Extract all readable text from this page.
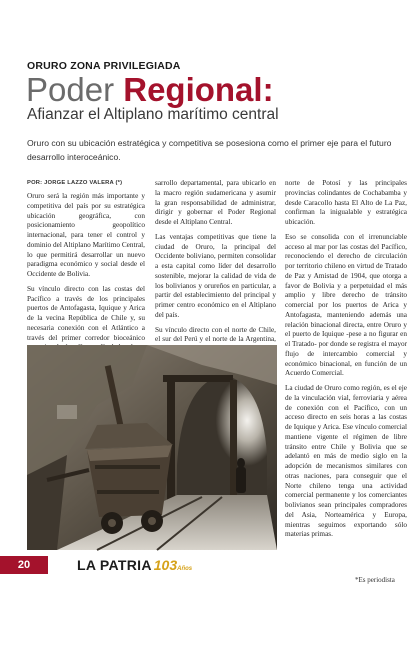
ORURO ZONA PRIVILEGIADA
Poder Regional:
Afianzar el Altiplano marítimo central
Oruro con su ubicación estratégica y competitiva se posesiona como el primer eje para el futuro desarrollo interoceánico.
POR: JORGE LAZZO VALERA (*)

Oruro será la región más importante y competitiva del país por su estratégica ubicación geográfica, con posicionamiento geopolítico internacional, para tener el control y dominio del Altiplano Marítimo Central, lo que permitirá desarrollar un nuevo paradigma económico y social desde el Occidente de Bolivia.

Su vínculo directo con las costas del Pacífico a través de los principales puertos de Antofagasta, Iquique y Arica de la vecina República de Chile y, su necesaria conexión con el Atlántico a través del primer corredor bioceánico

sarrollo departamental, para ubicarlo en la macro región sudamericana y asumir la gran responsabilidad de administrar, dirigir y gobernar el Poder Regional desde el Altiplano Central.

Las ventajas competitivas que tiene la ciudad de Oruro, la principal del Occidente boliviano, permiten consolidar a esta capital como líder del desarrollo sostenible, mejorar la calidad de vida de los bolivianos y orureños en particular, a partir del establecimiento del principal y primer centro económico en el Altiplano del país.

Su vínculo directo con el norte de Chile, el sur del Perú y el norte de la Argentina,

norte de Potosí y las principales provincias colindantes de Cochabamba y desde Caracollo hasta El Alto de La Paz, confirman la inigualable y estratégica ubicación.

Eso se consolida con el irrenunciable acceso al mar por las costas del Pacífico, reconociendo el derecho de circulación por territorio chileno en virtud de Tratado de Paz y Amistad de 1904, que otorga a favor de Bolivia y a perpetuidad el más amplio y libre derecho de tránsito comercial por los puertos de Arica y Antofagasta, manteniendo además una relación binacional directa, entre Oruro y el puerto de Iquique -pese a no figurar en el Tratado- por donde se registra el mayor flujo de intercambio comercial y económico binacional, en función de un Acuerdo Comercial.

La ciudad de Oruro como región, es el eje de la vinculación vial, ferroviaria y aérea de conexión con el Pacífico, con un acceso directo en seis horas a las costas de Iquique y Arica. Ese vínculo comercial mantiene vigente el régimen de libre tránsito entre Chile y Bolivia que se adelantó en más de medio siglo en la adopción de mecanismos similares con otras naciones, para conseguir que el Norte chileno tenga una actividad comercial permanente y los comerciantes bolivianos sean principales compradores del Asia, Norteamérica y Europa, mientras seguimos exportando sólo materias primas.

*Es periodista
20	LA PATRIA 103Años
